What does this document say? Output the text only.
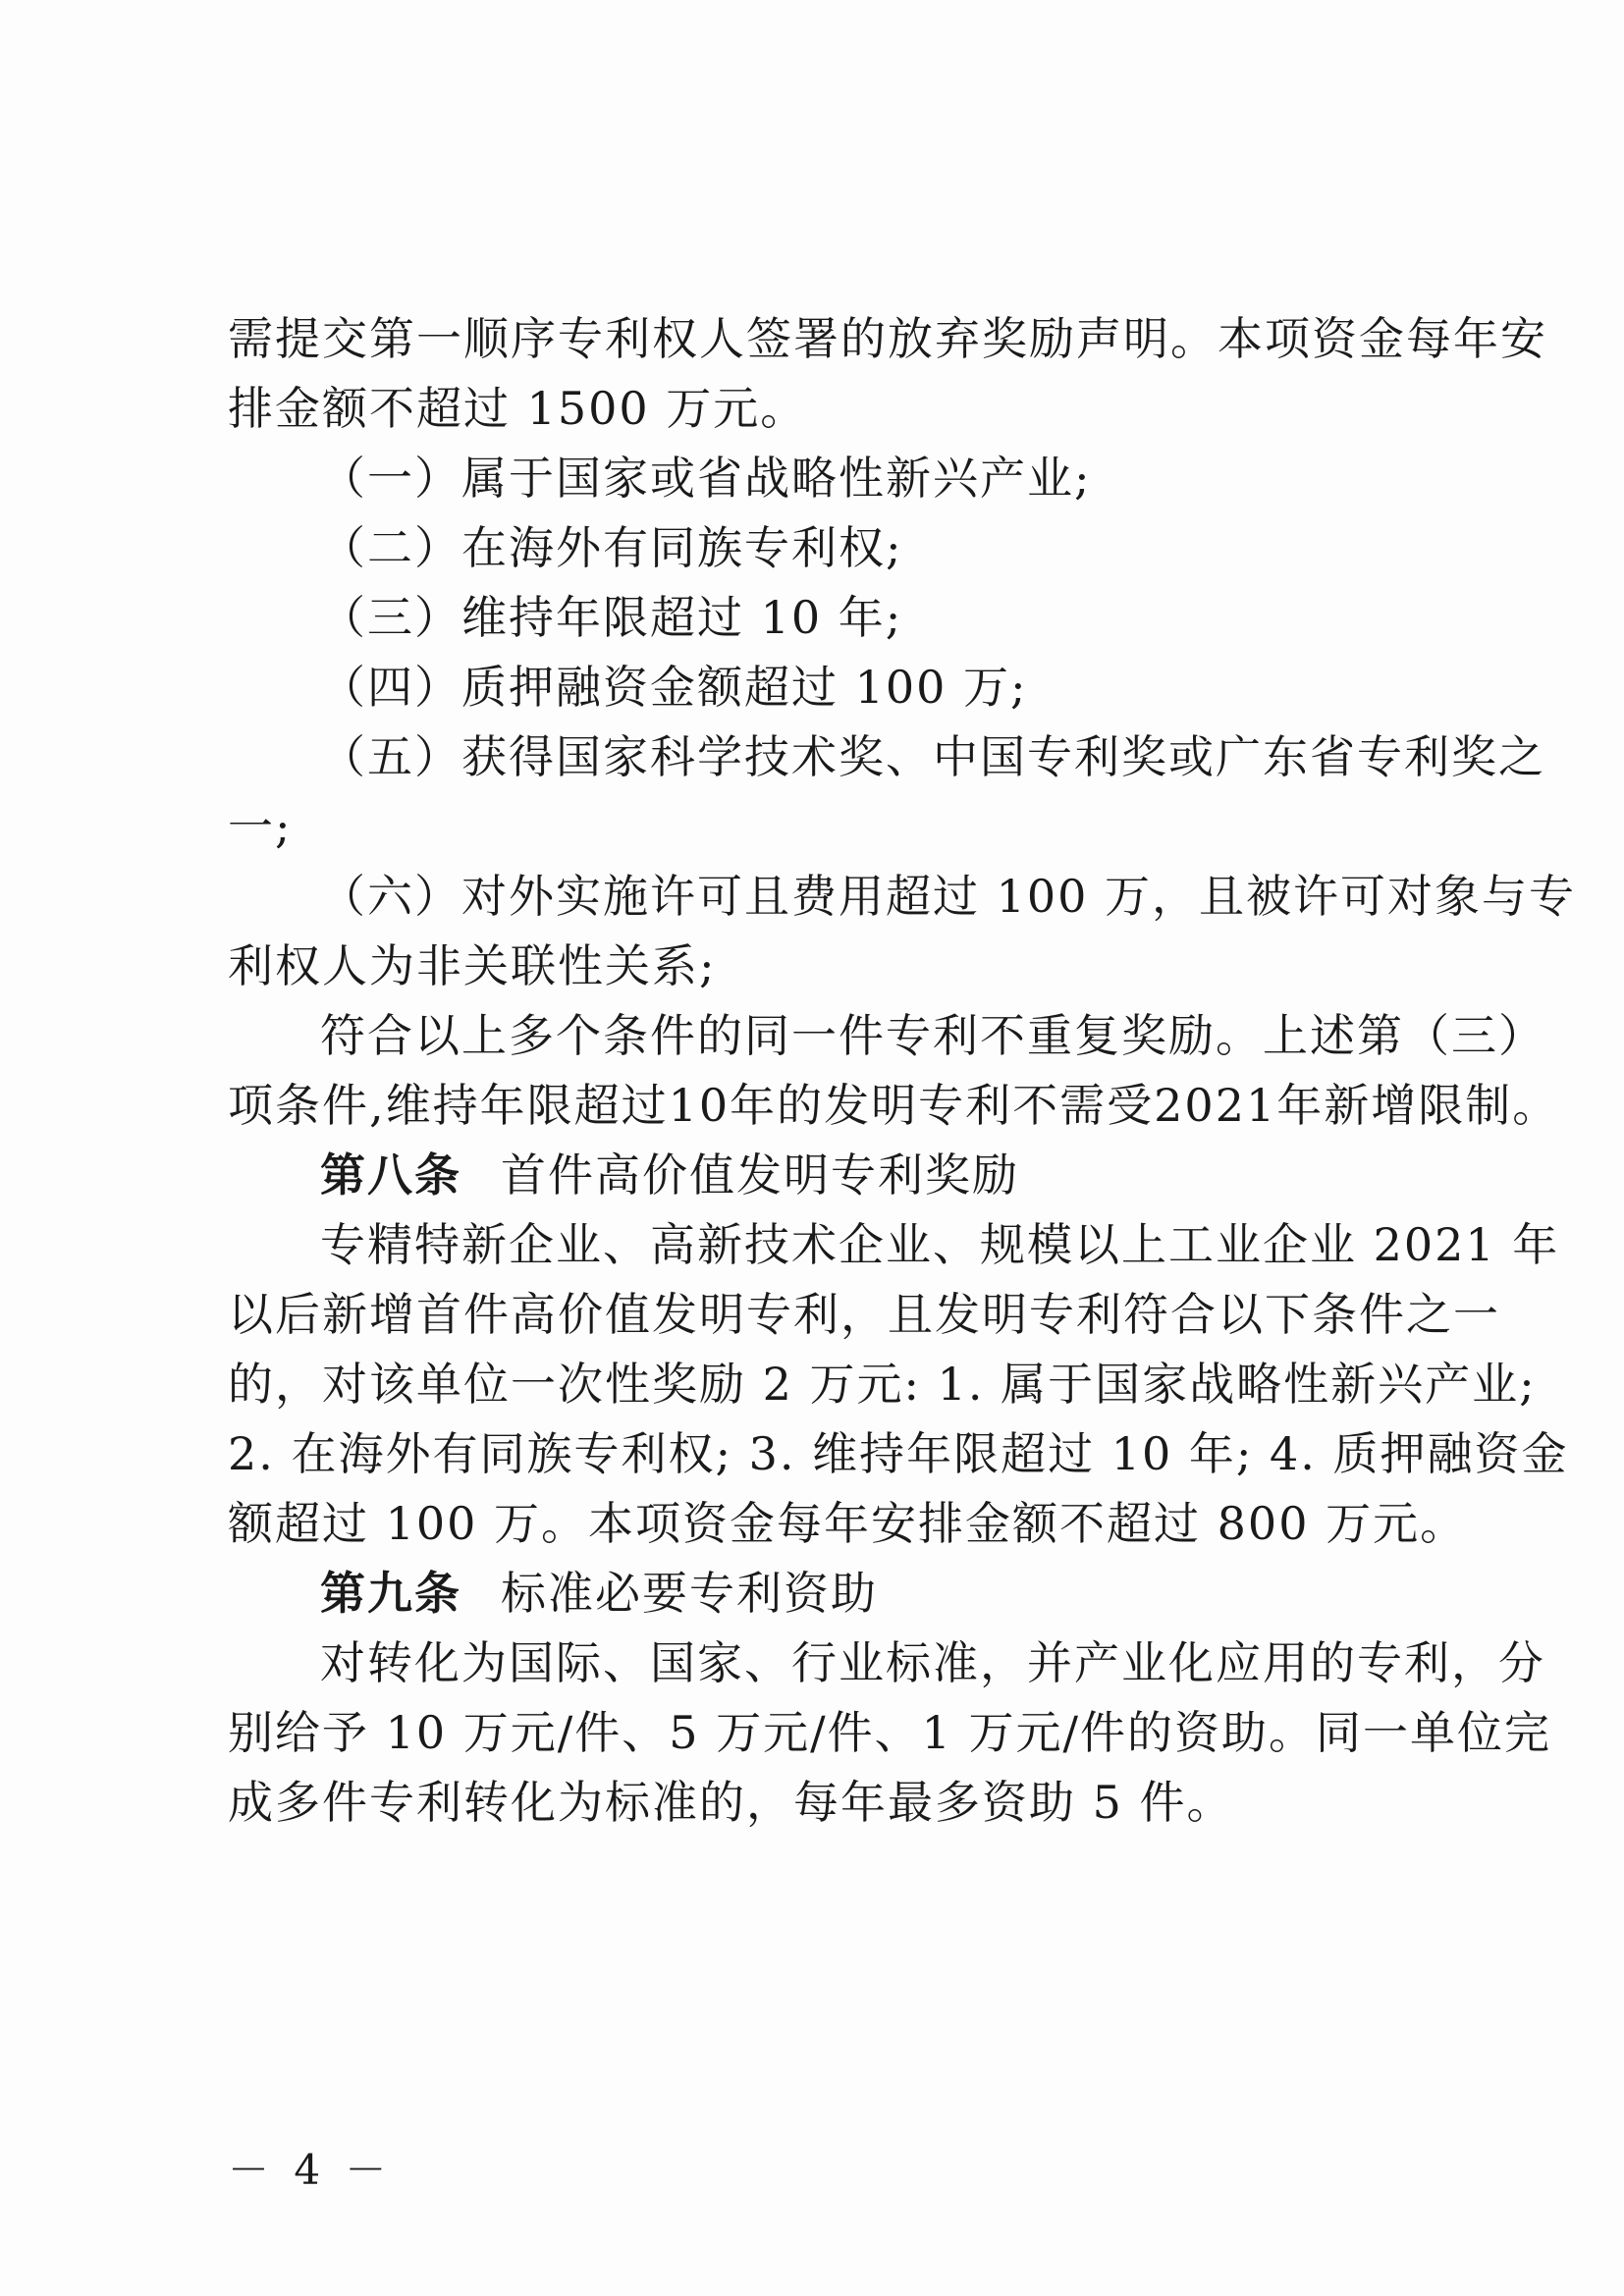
需提交第一顺序专利权人签署的放弃奖励声明。本项资金每年安

排金额不超过 1500 万元。

（一）属于国家或省战略性新兴产业;

（二）在海外有同族专利权;

（三）维持年限超过 10 年;

（四）质押融资金额超过 100 万;

（五）获得国家科学技术奖、中国专利奖或广东省专利奖之

一;

（六）对外实施许可且费用超过 100 万，且被许可对象与专

利权人为非关联性关系;

符合以上多个条件的同一件专利不重复奖励。上述第（三）

项条件,维持年限超过10年的发明专利不需受2021年新增限制。

第八条 首件高价值发明专利奖励

专精特新企业、高新技术企业、规模以上工业企业 2021 年

以后新增首件高价值发明专利，且发明专利符合以下条件之一

的，对该单位一次性奖励 2 万元: 1. 属于国家战略性新兴产业;

2. 在海外有同族专利权; 3. 维持年限超过 10 年; 4. 质押融资金

额超过 100 万。本项资金每年安排金额不超过 800 万元。

第九条 标准必要专利资助

对转化为国际、国家、行业标准，并产业化应用的专利，分

别给予 10 万元/件、5 万元/件、1 万元/件的资助。同一单位完

成多件专利转化为标准的，每年最多资助 5 件。

－ 4 －
